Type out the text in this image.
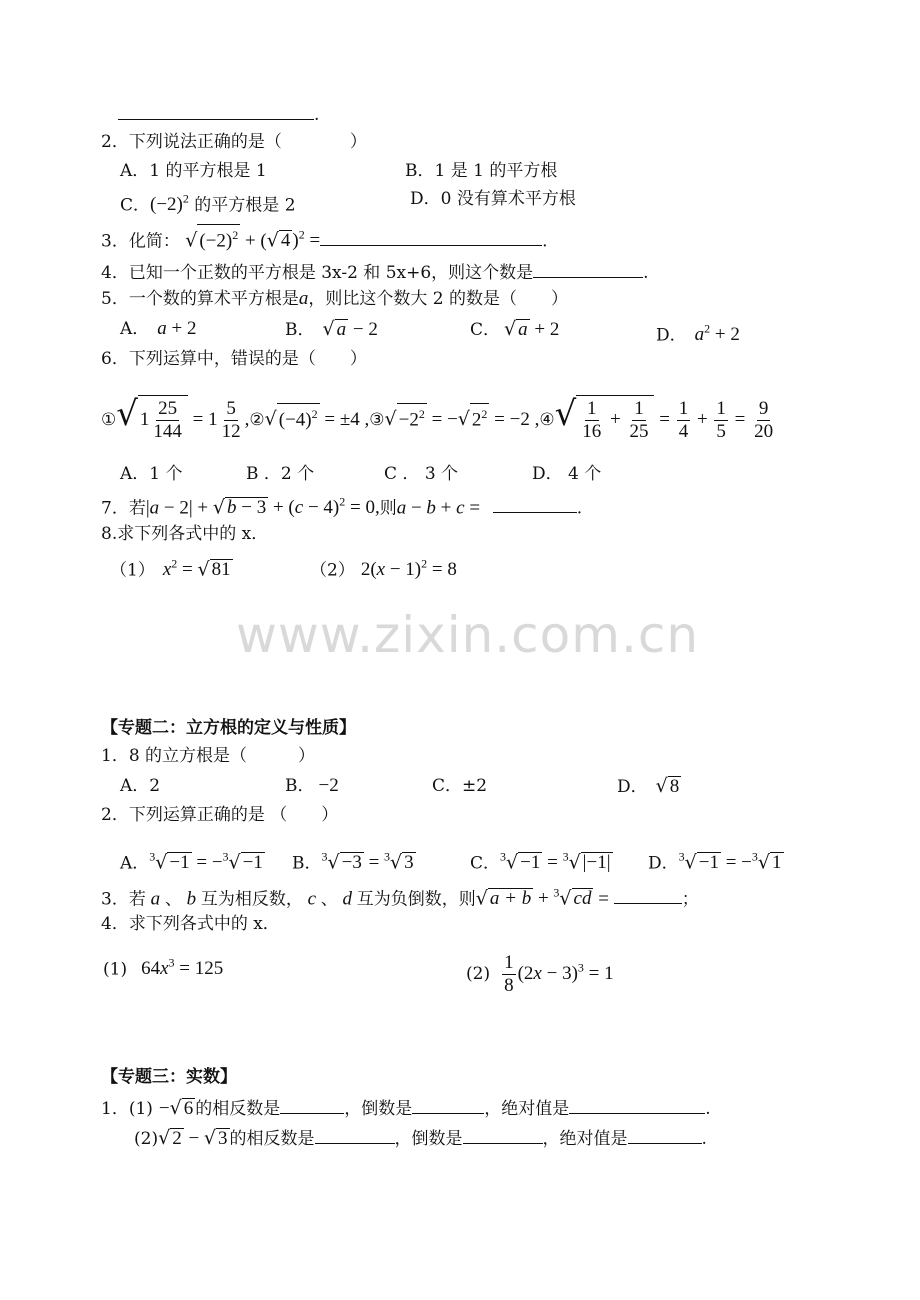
.
2．下列说法正确的是（　　　　）
A．1 的平方根是 1	B．1 是 1 的平方根
C．$(-2)^2$ 的平方根是 2	D．0 没有算术平方根
3．化简： √ $(-2)^2$ + (√ 4 )$^2$ =	.
4．已知一个正数的平方根是 3x-2 和 5x+6，则这个数是	.
5．一个数的算术平方根是a，则比这个数大 2 的数是（　　）
A． a + 2	B． √ a − 2	C． √ a + 2	D． $a^2 + 2$
6．下列运算中，错误的是（　　）
①√ $1 \frac{25}{144} = 1 \frac{5}{12}$ ,②√ $(-4)^2 = \pm 4$ ,③√ $-2^2$ = −√ $2^2 = -2$ ,④√ $\frac{1}{16} + \frac{1}{25} = \frac{1}{4} + \frac{1}{5} = \frac{9}{20}$
A．1 个	B ．2 个	C ． 3 个	D． 4 个
7．若|a − 2| + √ $b - 3 + (c - 4)^2 = 0$,则a − b + c =	.
8.求下列各式中的 x．
（1） $x^2$ = √ 81	（2） $2(x - 1)^2 = 8$
www.zixin.com.cn
【专题二：立方根的定义与性质】
1．8 的立方根是（　　　）
A．2	B． −2	C．±2	D． √ 8
2．下列运算正确的是 （　　）
A．$^3$√ −1 = −$^3$√ −1 B．$^3$√ −3 = $^3$√ 3	C．$^3$√ −1 = $^3$√ |−1| D．$^3$√ −1 = −$^3$√ 1
3．若 a 、 b 互为相反数， c 、 d 互为负倒数，则√ a + b + $^3$√ cd =	；
4．求下列各式中的 x．
(1) $64x^3 = 125$	$(2) \frac{1}{8} (2x - 3)^3 = 1$
【专题三：实数】
1．(1) −√ 6 的相反数是	，倒数是	，绝对值是	.
(2)√ 2 − √ 3 的相反数是	，倒数是	，绝对值是	.
